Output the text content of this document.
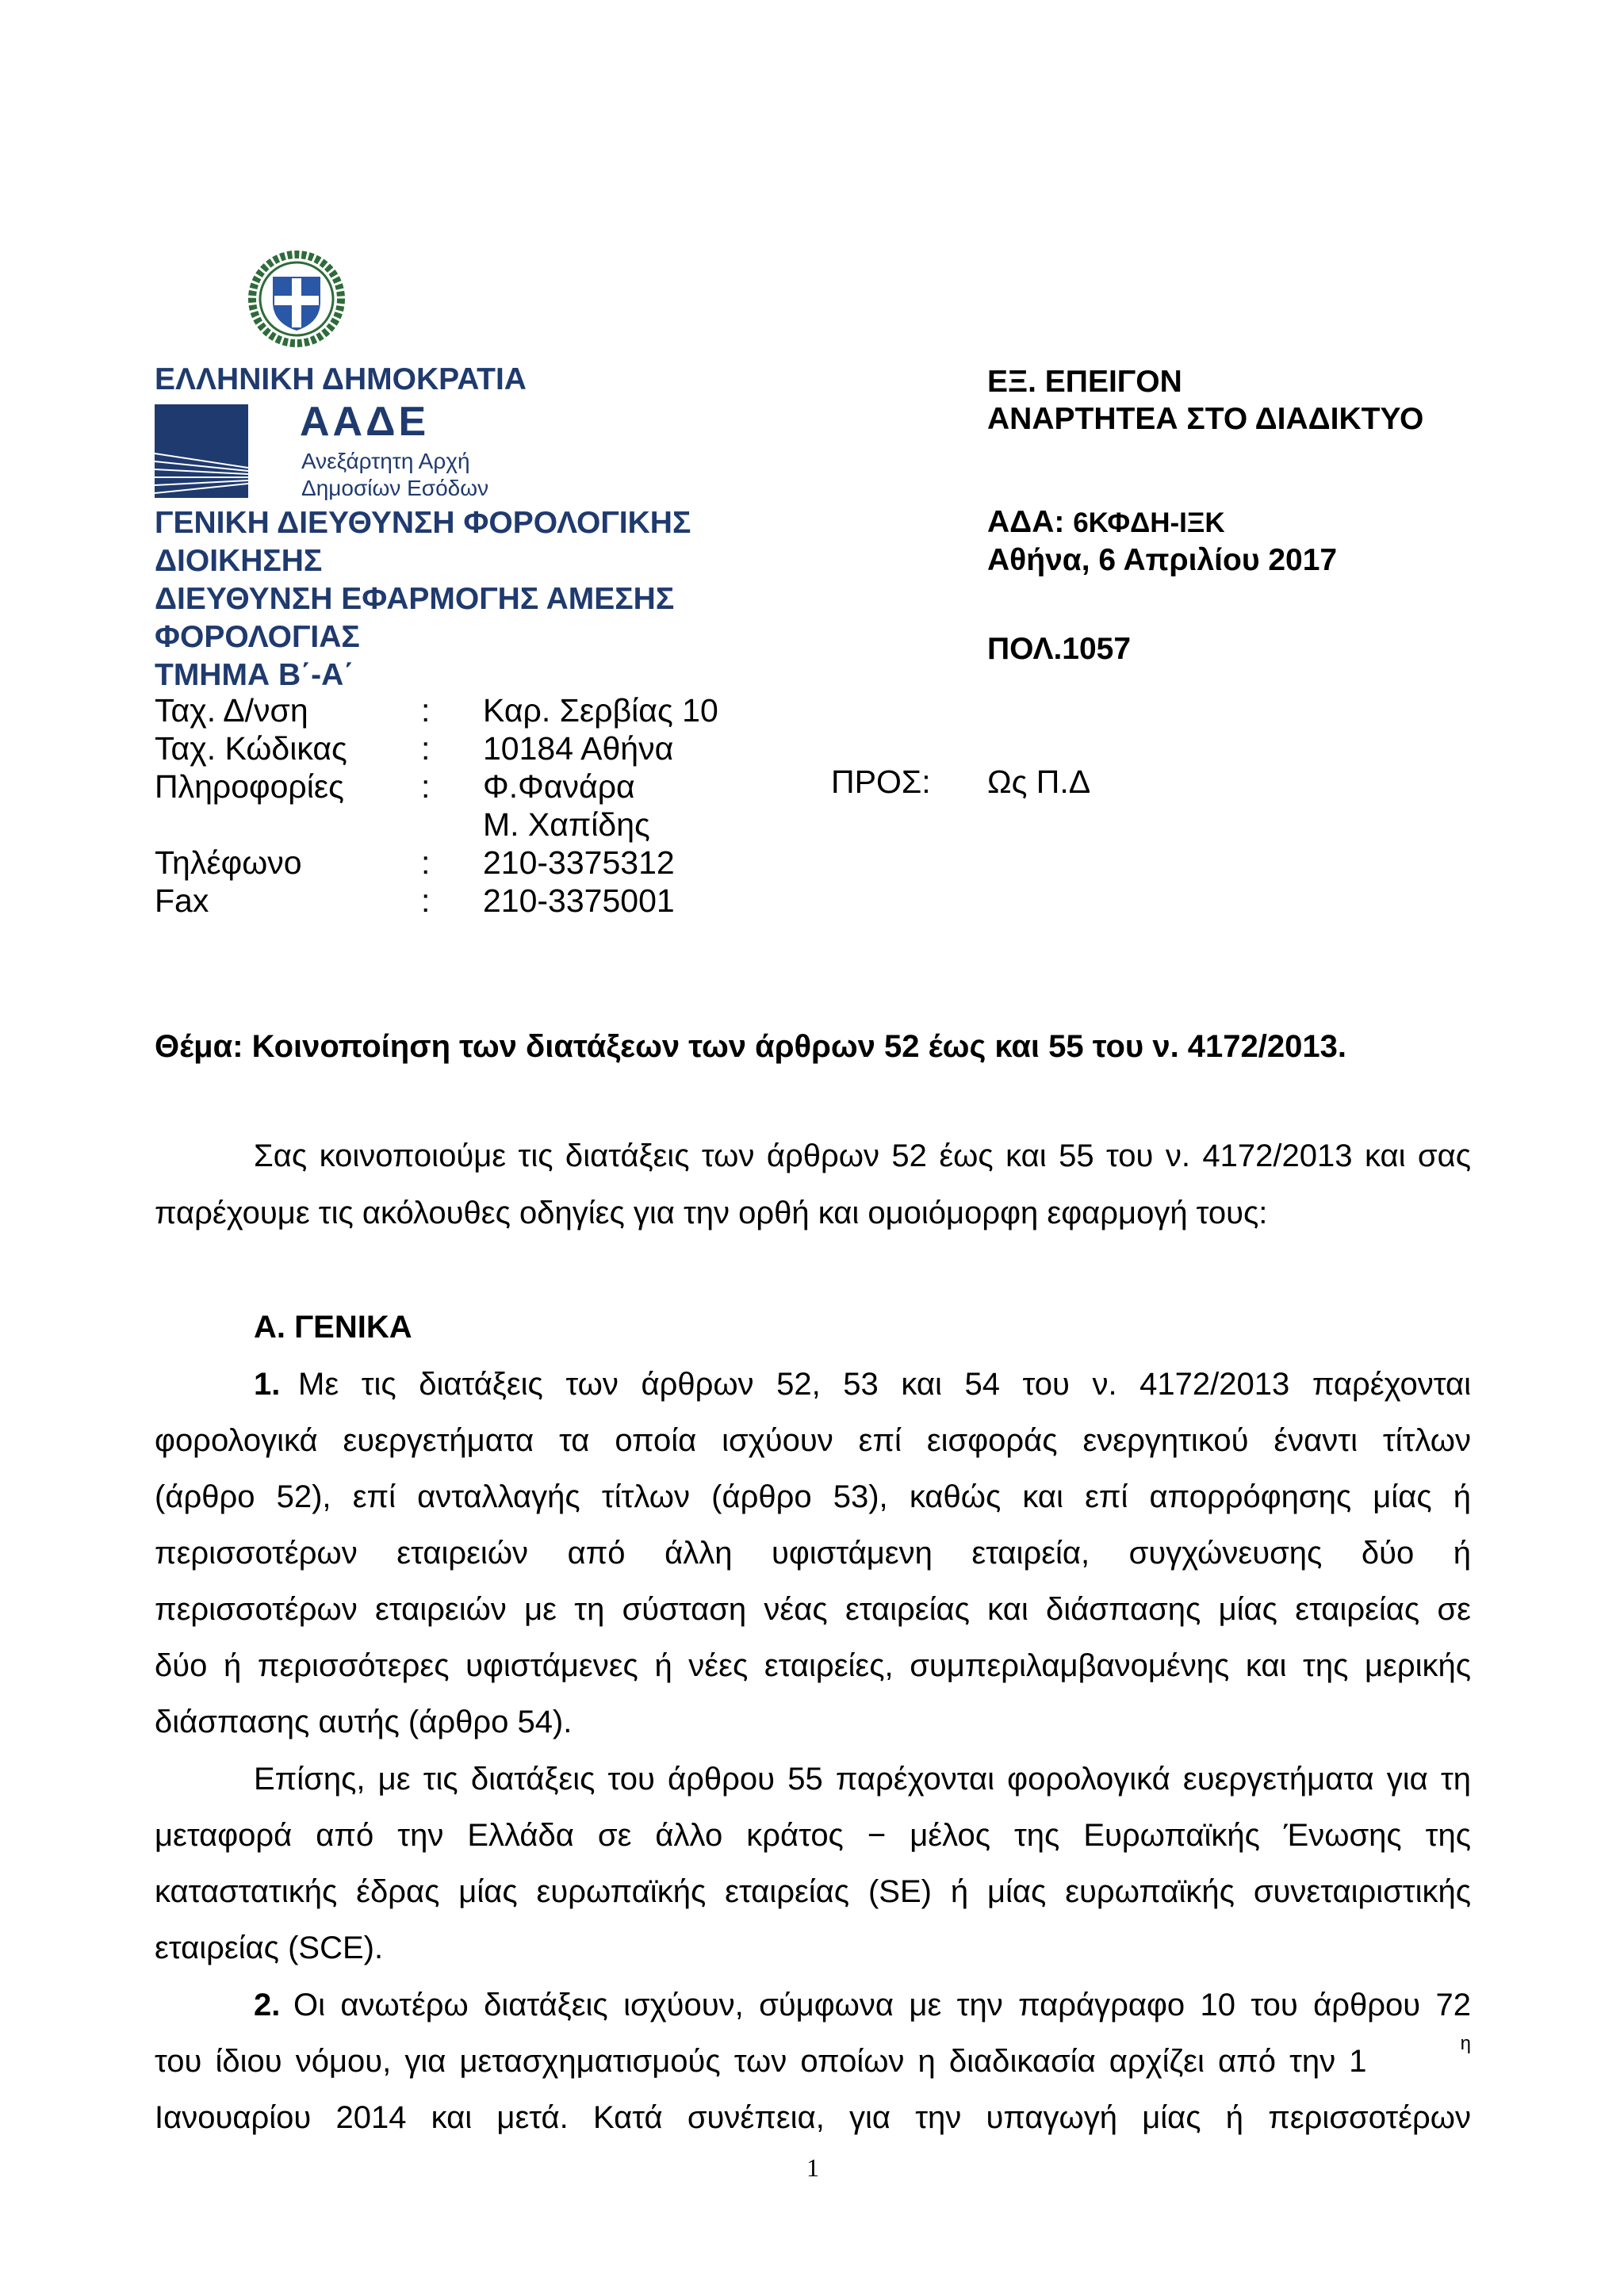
ΕΛΛΗΝΙΚΗ ΔΗΜΟΚΡΑΤΙΑ
ΑΑΔΕ
Ανεξάρτητη Αρχή
Δημοσίων Εσόδων
ΓΕΝΙΚΗ ΔΙΕΥΘΥΝΣΗ ΦΟΡΟΛΟΓΙΚΗΣ
ΔΙΟΙΚΗΣΗΣ
ΔΙΕΥΘΥΝΣΗ ΕΦΑΡΜΟΓΗΣ ΑΜΕΣΗΣ
ΦΟΡΟΛΟΓΙΑΣ
ΤΜΗΜΑ Β΄-Α΄
Ταχ. Δ/νση	: Καρ. Σερβίας 10
Ταχ. Κώδικας : 10184 Αθήνα
Πληροφορίες : Φ.Φανάρα
Μ. Χαπίδης
Τηλέφωνο	: 210-3375312
Fax	: 210-3375001
ΕΞ. ΕΠΕΙΓΟΝ
ΑΝΑΡΤΗΤΕΑ ΣΤΟ ΔΙΑΔΙΚΤΥΟ
ΑΔΑ: 6ΚΦΔΗ-ΙΞΚ
Αθήνα, 6 Απριλίου 2017
ΠΟΛ.1057
ΠΡΟΣ: Ως Π.Δ
Θέμα: Κοινοποίηση των διατάξεων των άρθρων 52 έως και 55 του ν. 4172/2013.
Σας κοινοποιούμε τις διατάξεις των άρθρων 52 έως και 55 του ν. 4172/2013 και σας
παρέχουμε τις ακόλουθες οδηγίες για την ορθή και ομοιόμορφη εφαρμογή τους:
Α. ΓΕΝΙΚΑ
1. Με τις διατάξεις των άρθρων 52, 53 και 54 του ν. 4172/2013 παρέχονται
φορολογικά ευεργετήματα τα οποία ισχύουν επί εισφοράς ενεργητικού έναντι τίτλων
(άρθρο 52), επί ανταλλαγής τίτλων (άρθρο 53), καθώς και επί απορρόφησης μίας ή
περισσοτέρων εταιρειών από άλλη υφιστάμενη εταιρεία, συγχώνευσης δύο ή
περισσοτέρων εταιρειών με τη σύσταση νέας εταιρείας και διάσπασης μίας εταιρείας σε
δύο ή περισσότερες υφιστάμενες ή νέες εταιρείες, συμπεριλαμβανομένης και της μερικής
διάσπασης αυτής (άρθρο 54).
Επίσης, με τις διατάξεις του άρθρου 55 παρέχονται φορολογικά ευεργετήματα για τη
μεταφορά από την Ελλάδα σε άλλο κράτος − μέλος της Ευρωπαϊκής Ένωσης της
καταστατικής έδρας μίας ευρωπαϊκής εταιρείας (SE) ή μίας ευρωπαϊκής συνεταιριστικής
εταιρείας (SCE).
2. Οι ανωτέρω διατάξεις ισχύουν, σύμφωνα με την παράγραφο 10 του άρθρου 72
του ίδιου νόμου, για μετασχηματισμούς των οποίων η διαδικασία αρχίζει από την 1
η
Ιανουαρίου 2014 και μετά. Κατά συνέπεια, για την υπαγωγή μίας ή περισσοτέρων
1
